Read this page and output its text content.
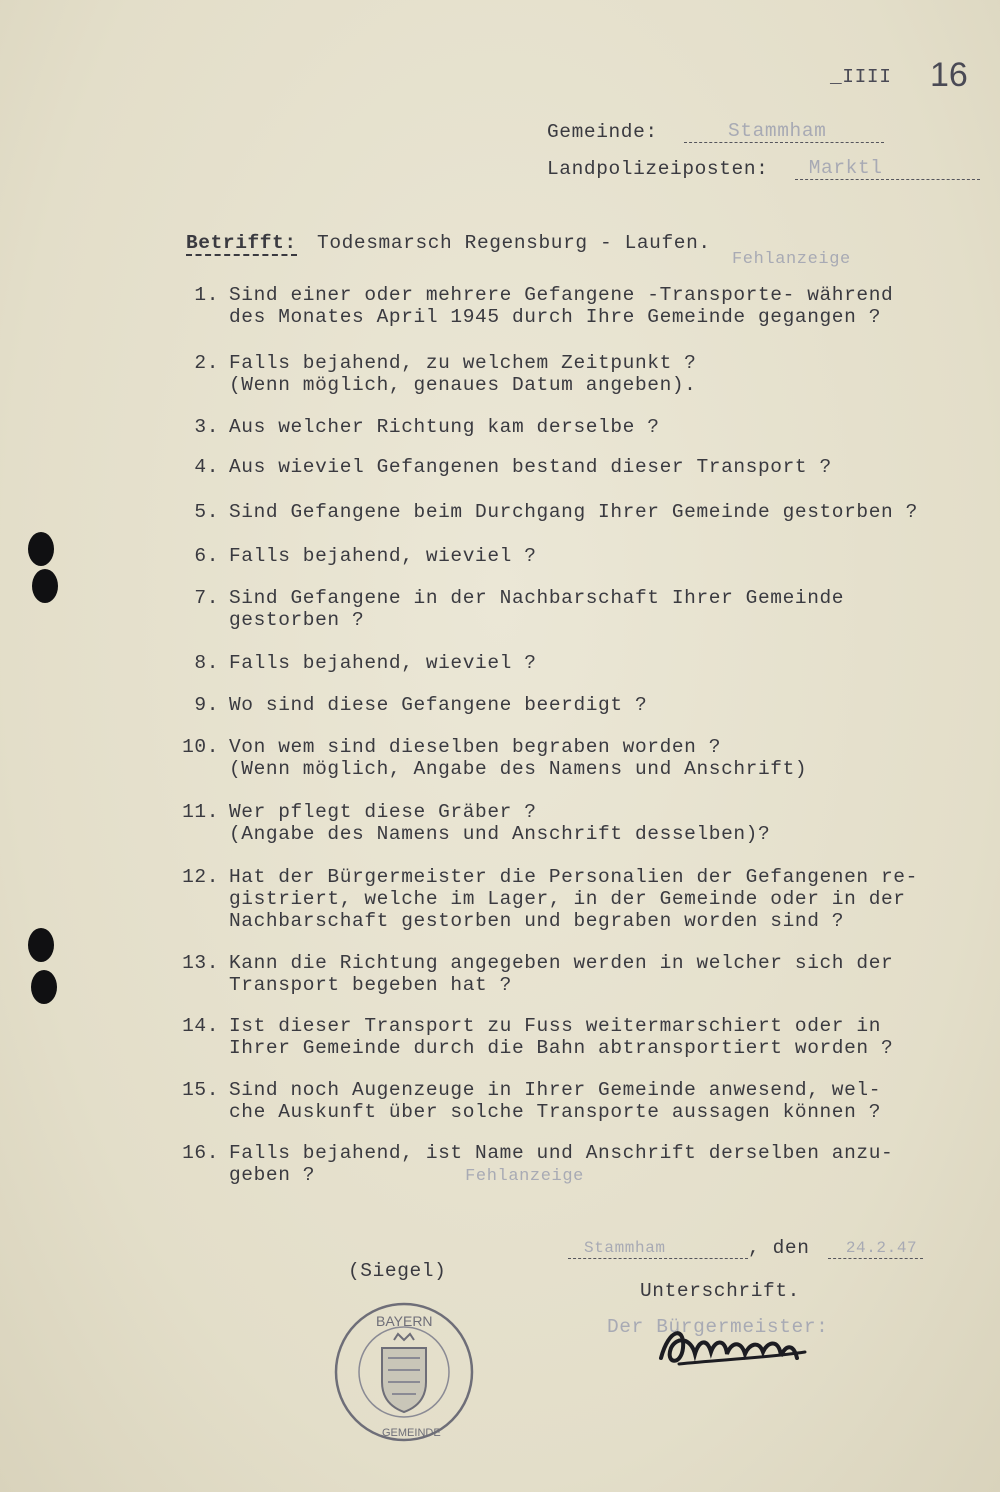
_IIII 16
Gemeinde:	Stammham
Landpolizeiposten: Marktl
Betrifft: Todesmarsch Regensburg - Laufen.
Fehlanzeige
1. Sind einer oder mehrere Gefangene -Transporte- während
des Monates April 1945 durch Ihre Gemeinde gegangen ?
2. Falls bejahend, zu welchem Zeitpunkt ?
(Wenn möglich, genaues Datum angeben).
3. Aus welcher Richtung kam derselbe ?
4. Aus wieviel Gefangenen bestand dieser Transport ?
5. Sind Gefangene beim Durchgang Ihrer Gemeinde gestorben ?
6. Falls bejahend, wieviel ?
7. Sind Gefangene in der Nachbarschaft Ihrer Gemeinde
gestorben ?
8. Falls bejahend, wieviel ?
9. Wo sind diese Gefangene beerdigt ?
10. Von wem sind dieselben begraben worden ?
(Wenn möglich, Angabe des Namens und Anschrift)
11. Wer pflegt diese Gräber ?
(Angabe des Namens und Anschrift desselben)?
12. Hat der Bürgermeister die Personalien der Gefangenen re-
gistriert, welche im Lager, in der Gemeinde oder in der
Nachbarschaft gestorben und begraben worden sind ?
13. Kann die Richtung angegeben werden in welcher sich der
Transport begeben hat ?
14. Ist dieser Transport zu Fuss weitermarschiert oder in
Ihrer Gemeinde durch die Bahn abtransportiert worden ?
15. Sind noch Augenzeuge in Ihrer Gemeinde anwesend, wel-
che Auskunft über solche Transporte aussagen können ?
16. Falls bejahend, ist Name und Anschrift derselben anzu-
geben ?	Fehlanzeige
Stammham	, den 24.2.47
(Siegel)
Unterschrift.
Der Bürgermeister:
BAYERN
GEMEINDE
